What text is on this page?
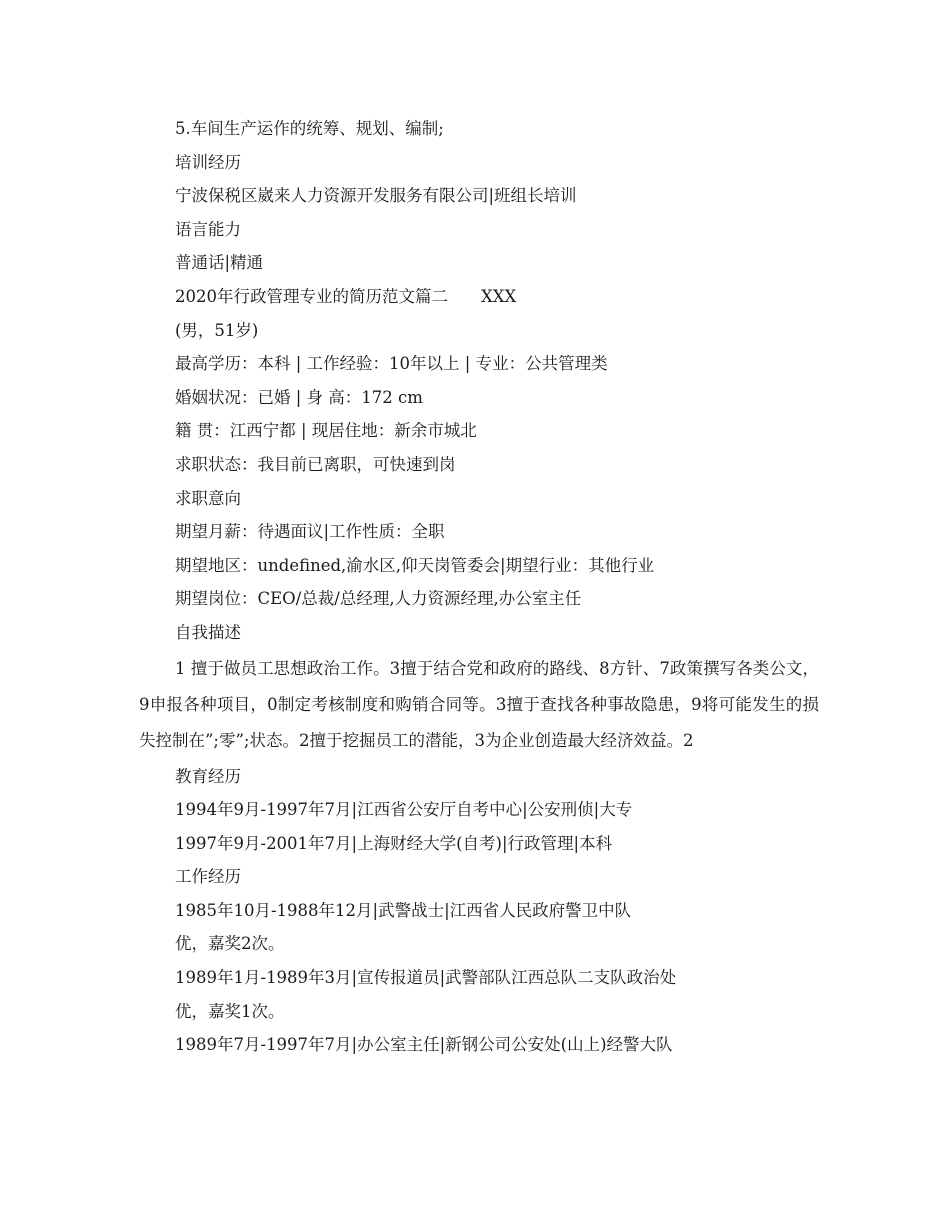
5.车间生产运作的统筹、规划、编制;
培训经历
宁波保税区崴来人力资源开发服务有限公司|班组长培训
语言能力
普通话|精通
2020年行政管理专业的简历范文篇二　　XXX
(男，51岁)
最高学历：本科 | 工作经验：10年以上 | 专业：公共管理类
婚姻状况：已婚 | 身 高：172 cm
籍 贯：江西宁都 | 现居住地：新余市城北
求职状态：我目前已离职，可快速到岗
求职意向
期望月薪：待遇面议|工作性质：全职
期望地区：undefined,渝水区,仰天岗管委会|期望行业：其他行业
期望岗位：CEO/总裁/总经理,人力资源经理,办公室主任
自我描述

1 擅于做员工思想政治工作。3擅于结合党和政府的路线、8方针、7政策撰写各类公文，9申报各种项目，0制定考核制度和购销合同等。3擅于查找各种事故隐患，9将可能发生的损失控制在”;零”;状态。2擅于挖掘员工的潜能，3为企业创造最大经济效益。2

教育经历
1994年9月-1997年7月|江西省公安厅自考中心|公安刑侦|大专
1997年9月-2001年7月|上海财经大学(自考)|行政管理|本科
工作经历
1985年10月-1988年12月|武警战士|江西省人民政府警卫中队
优，嘉奖2次。
1989年1月-1989年3月|宣传报道员|武警部队江西总队二支队政治处
优，嘉奖1次。
1989年7月-1997年7月|办公室主任|新钢公司公安处(山上)经警大队
